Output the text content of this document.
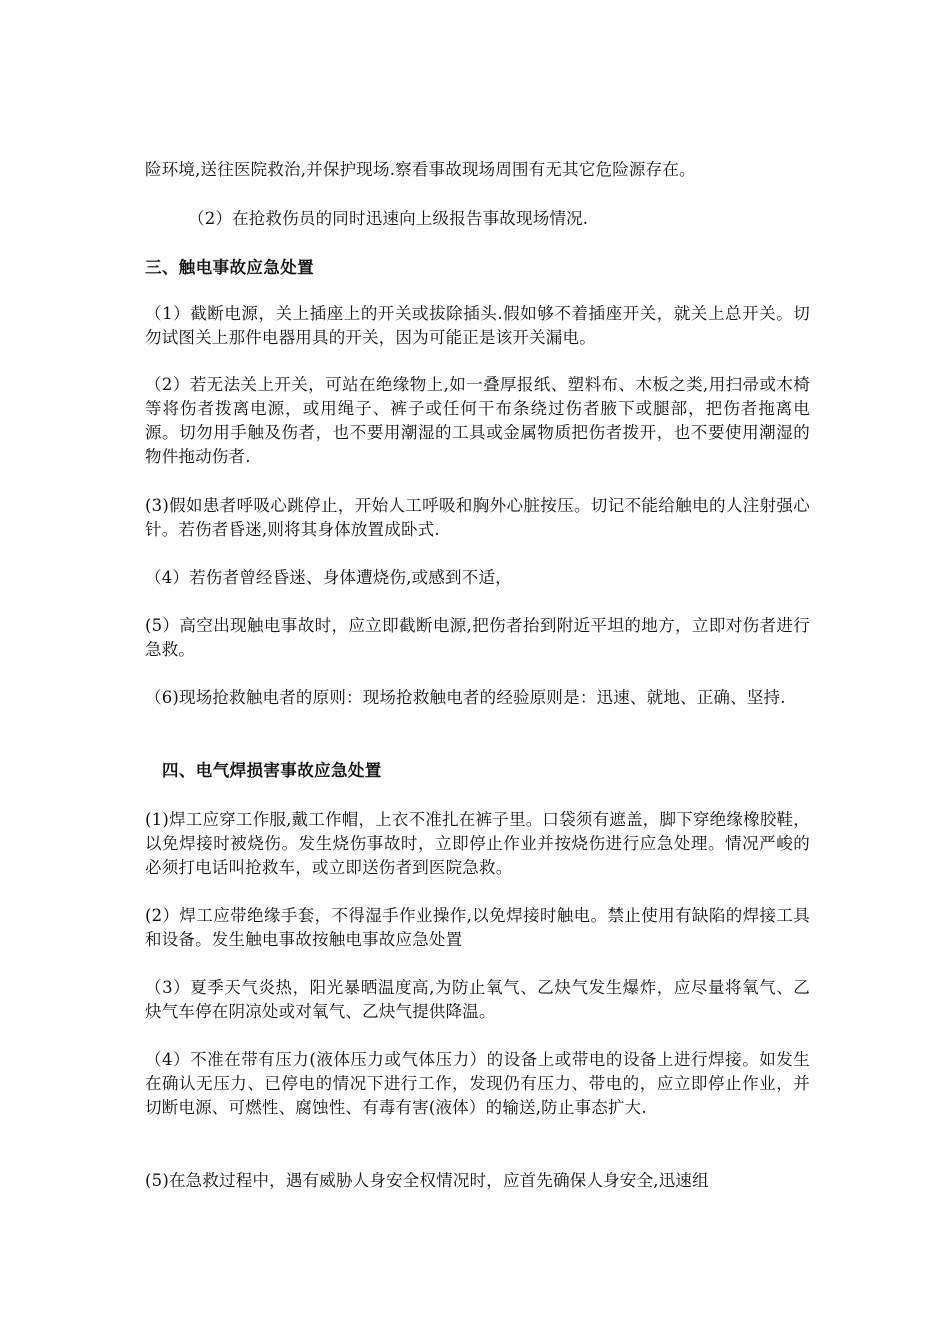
险环境,送往医院救治,并保护现场.察看事故现场周围有无其它危险源存在。

（2）在抢救伤员的同时迅速向上级报告事故现场情况.

三、触电事故应急处置

（1）截断电源，关上插座上的开关或拔除插头.假如够不着插座开关，就关上总开关。切勿试图关上那件电器用具的开关，因为可能正是该开关漏电。

（2）若无法关上开关，可站在绝缘物上,如一叠厚报纸、塑料布、木板之类,用扫帚或木椅等将伤者拨离电源，或用绳子、裤子或任何干布条绕过伤者腋下或腿部，把伤者拖离电源。切勿用手触及伤者，也不要用潮湿的工具或金属物质把伤者拨开，也不要使用潮湿的物件拖动伤者.

(3)假如患者呼吸心跳停止，开始人工呼吸和胸外心脏按压。切记不能给触电的人注射强心针。若伤者昏迷,则将其身体放置成卧式.

（4）若伤者曾经昏迷、身体遭烧伤,或感到不适，

(5）高空出现触电事故时，应立即截断电源,把伤者抬到附近平坦的地方，立即对伤者进行急救。

（6)现场抢救触电者的原则：现场抢救触电者的经验原则是：迅速、就地、正确、坚持.

四、电气焊损害事故应急处置

(1)焊工应穿工作服,戴工作帽，上衣不准扎在裤子里。口袋须有遮盖，脚下穿绝缘橡胶鞋，以免焊接时被烧伤。发生烧伤事故时，立即停止作业并按烧伤进行应急处理。情况严峻的必须打电话叫抢救车，或立即送伤者到医院急救。

(2）焊工应带绝缘手套，不得湿手作业操作,以免焊接时触电。禁止使用有缺陷的焊接工具和设备。发生触电事故按触电事故应急处置

（3）夏季天气炎热，阳光暴晒温度高,为防止氧气、乙炔气发生爆炸，应尽量将氧气、乙炔气车停在阴凉处或对氧气、乙炔气提供降温。

（4）不准在带有压力(液体压力或气体压力）的设备上或带电的设备上进行焊接。如发生在确认无压力、已停电的情况下进行工作，发现仍有压力、带电的，应立即停止作业，并切断电源、可燃性、腐蚀性、有毒有害(液体）的输送,防止事态扩大.

(5)在急救过程中，遇有威胁人身安全权情况时，应首先确保人身安全,迅速组
